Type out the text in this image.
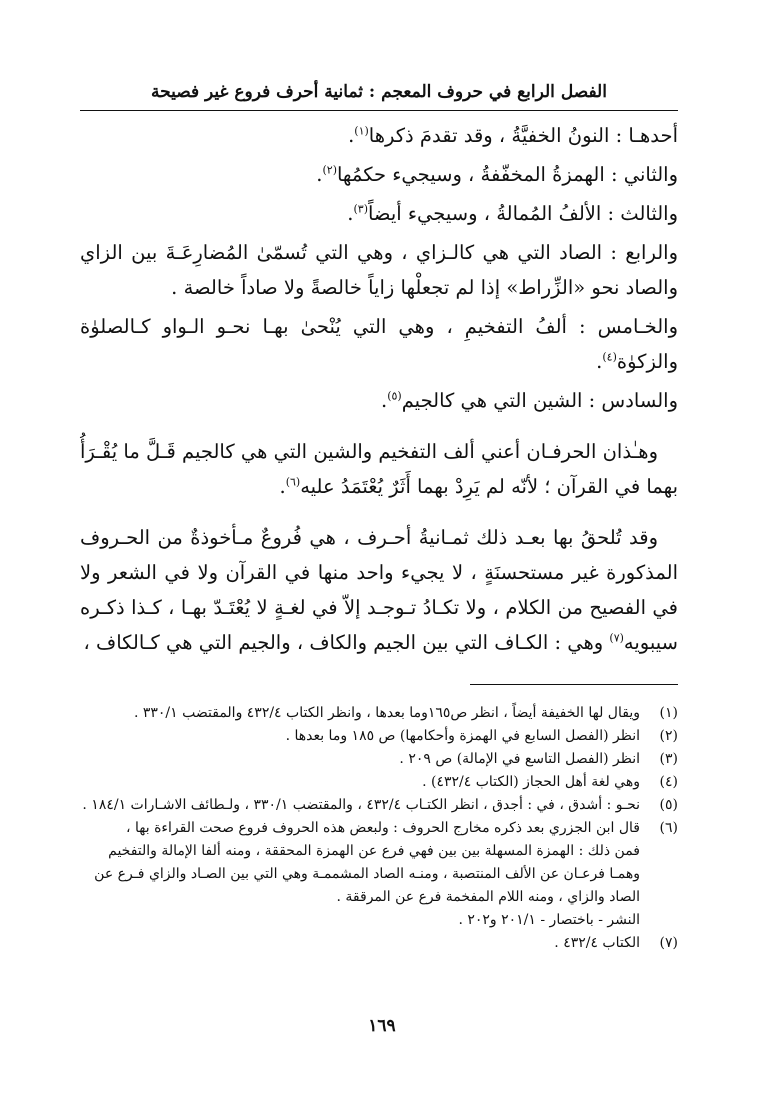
الفصل الرابع في حروف المعجم : ثمانية أحرف فروع غير فصيحة

أحدهـا : النونُ الخفيَّةُ ، وقد تقدمَ ذكرها$^{(١)}$.

والثاني : الهمزةُ المخفّفةُ ، وسيجيء حكمُها$^{(٢)}$.

والثالث : الألفُ المُمالةُ ، وسيجيء أيضاً$^{(٣)}$.

والرابع : الصاد التي هي كالـزاي ، وهي التي تُسمّىٰ المُضارِعَـةَ بين الزاي والصاد نحو «الزِّراط» إذا لم تجعلْها زاياً خالصةً ولا صاداً خالصة .

والخـامس : ألفُ التفخيمِ ، وهي التي يُنْحىٰ بهـا نحـو الـواو كـالصلوٰة والزكوٰة$^{(٤)}$.

والسادس : الشين التي هي كالجيم$^{(٥)}$.

وهـٰذان الحرفـان أعني ألف التفخيم والشين التي هي كالجيم قَـلَّ ما يُقْـرَأُ بهما في القرآن ؛ لأنّه لم يَرِدْ بهما أَثَرٌ يُعْتَمَدُ عليه$^{(٦)}$.

وقد تُلحقُ بها بعـد ذلك ثمـانيةُ أحـرف ، هي فُروعٌ مـأخوذةٌ من الحـروف المذكورة غير مستحسنَةٍ ، لا يجيء واحد منها في القرآن ولا في الشعر ولا في الفصيح من الكلام ، ولا تكـادُ تـوجـد إلاّ في لغـةٍ لا يُعْتَـدّ بهـا ، كـذا ذكـره سيبويه$^{(٧)}$ وهي : الكـاف التي بين الجيم والكاف ، والجيم التي هي كـالكاف ،

(١)
ويقال لها الخفيفة أيضاً ، انظر ص١٦٥وما بعدها ، وانظر الكتاب ٤٣٢/٤ والمقتضب ٣٣٠/١ .
(٢)
انظر (الفصل السابع في الهمزة وأحكامها) ص ١٨٥ وما بعدها .
(٣)
انظر (الفصل التاسع في الإمالة) ص ٢٠٩ .
(٤)
وهي لغة أهل الحجاز (الكتاب ٤٣٢/٤) .
(٥)
نحـو : أشدق ، في : أجدق ، انظر الكتـاب ٤٣٢/٤ ، والمقتضب ٣٣٠/١ ، ولـطائف الاشـارات ١٨٤/١ .
(٦)
قال ابن الجزري بعد ذكره مخارج الحروف : ولبعض هذه الحروف فروع صحت القراءة بها ،
فمن ذلك : الهمزة المسهلة بين بين فهي فرع عن الهمزة المحققة ، ومنه ألفا الإمالة والتفخيم
وهمـا فرعـان عن الألف المنتصبة ، ومنـه الصاد المشممـة وهي التي بين الصـاد والزاي فـرع عن
الصاد والزاي ، ومنه اللام المفخمة فرع عن المرققة .
النشر - باختصار - ٢٠١/١ و٢٠٢ .
(٧)
الكتاب ٤٣٢/٤ .
١٦٩
